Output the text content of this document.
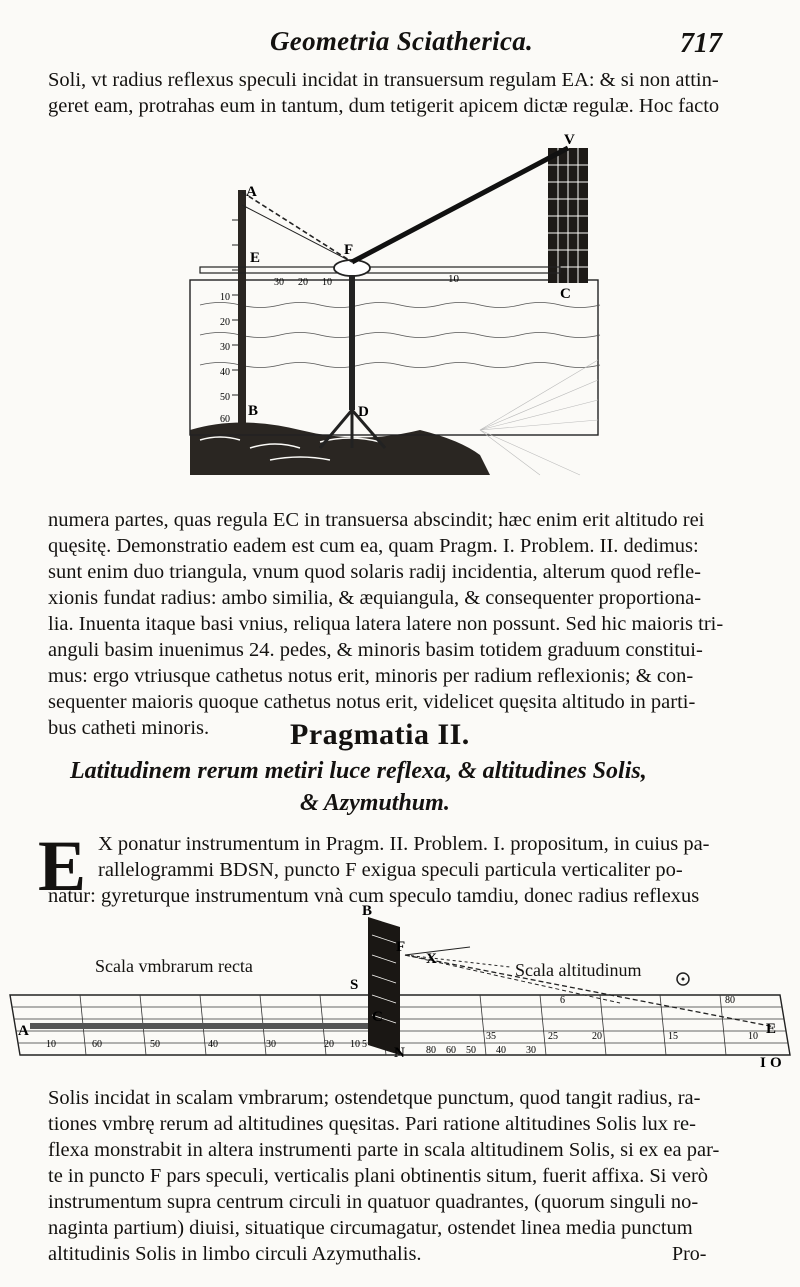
Geometria Sciatherica.	717
Soli, vt radius reflexus speculi incidat in transuersum regulam EA: & si non attin-
geret eam, protrahas eum in tantum, dum tetigerit apicem dictæ regulæ. Hoc facto
A
E	F
C
B	D
V
30 20 10
10
20
30
40
50
60
10
numera partes, quas regula EC in transuersa abscindit; hæc enim erit altitudo rei
quęsitę. Demonstratio eadem est cum ea, quam Pragm. I. Problem. II. dedimus:
sunt enim duo triangula, vnum quod solaris radij incidentia, alterum quod refle-
xionis fundat radius: ambo similia, & æquiangula, & consequenter proportiona-
lia. Inuenta itaque basi vnius, reliqua latera latere non possunt. Sed hic maioris tri-
anguli basim inuenimus 24. pedes, & minoris basim totidem graduum constitui-
mus: ergo vtriusque cathetus notus erit, minoris per radium reflexionis; & con-
sequenter maioris quoque cathetus notus erit, videlicet quęsita altitudo in parti-
bus catheti minoris.	Pragmatia II.
Latitudinem rerum metiri luce reflexa, & altitudines Solis,
& Azymuthum.
E X ponatur instrumentum in Pragm. II. Problem. I. propositum, in cuius pa-
rallelogrammi BDSN, puncto F exigua speculi particula verticaliter po-
natur: gyreturque instrumentum vnà cum speculo tamdiu, donec radius reflexus
Scala vmbrarum recta	Scala altitudinum
B
S
F
X
C
N
E
A
I O
10	60	50	40	30	20 10 5
6	80
80 60 50 40
35
30
25	20	15	10
Solis incidat in scalam vmbrarum; ostendetque punctum, quod tangit radius, ra-
tiones vmbrę rerum ad altitudines quęsitas. Pari ratione altitudines Solis lux re-
flexa monstrabit in altera instrumenti parte in scala altitudinem Solis, si ex ea par-
te in puncto F pars speculi, verticalis plani obtinentis situm, fuerit affixa. Si verò
instrumentum supra centrum circuli in quatuor quadrantes, (quorum singuli no-
naginta partium) diuisi, situatique circumagatur, ostendet linea media punctum
altitudinis Solis in limbo circuli Azymuthalis.	Pro-
